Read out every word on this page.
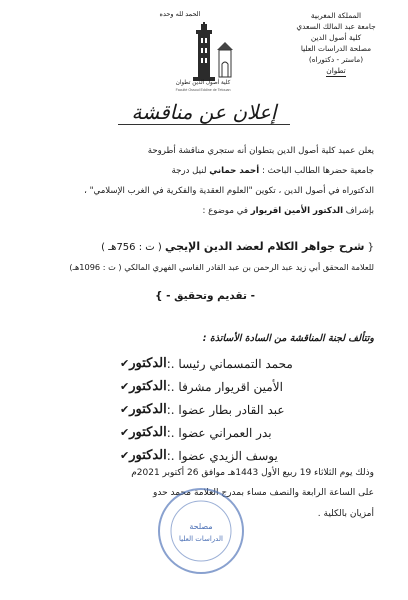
المملكة المغربية
جامعة عبد المالك السعدي
كلية أصول الدين
مصلحة الدراسات العليا
(ماستر - دكتوراه)
تطوان
الحمد لله وحده
كلية أصول الدين تطوان
Faculté Ossoul Eddine de Tetouan
إعلان عن مناقشة
يعلن عميد كلية أصول الدين بتطوان أنه ستجري مناقشة أطروحة
جامعية حضرها الطالب الباحث : أحمد حماني لنيل درجة
الدكتوراه في أصول الدين ، تكوين "العلوم العقدية والفكرية في الغرب الإسلامي" ،
بإشراف الدكتور الأمين اقريوار في موضوع :
{ شرح جواهر الكلام لعضد الدين الإيجي ( ت : 756هـ )
للعلامة المحقق أبي زيد عبد الرحمن بن عبد القادر الفاسي الفهري المالكي ( ت : 1096هـ)
- تقديم وتحقيق - }
وتتألف لجنة المناقشة من السادة الأساتذة :
✔ الدكتور : محمد التمسماني رئيسا .
✔ الدكتور : الأمين اقريوار مشرفا .
✔ الدكتور : عبد القادر بطار عضوا .
✔ الدكتور : بدر العمراني عضوا .
✔ الدكتور : يوسف الزيدي عضوا .
وذلك يوم الثلاثاء 19 ربيع الأول 1443هـ موافق 26 أكتوبر 2021م
على الساعة الرابعة والنصف مساء بمدرج العلامة محمد حدو
أمزيان بالكلية .
مصلحة
الدراسات العليا
